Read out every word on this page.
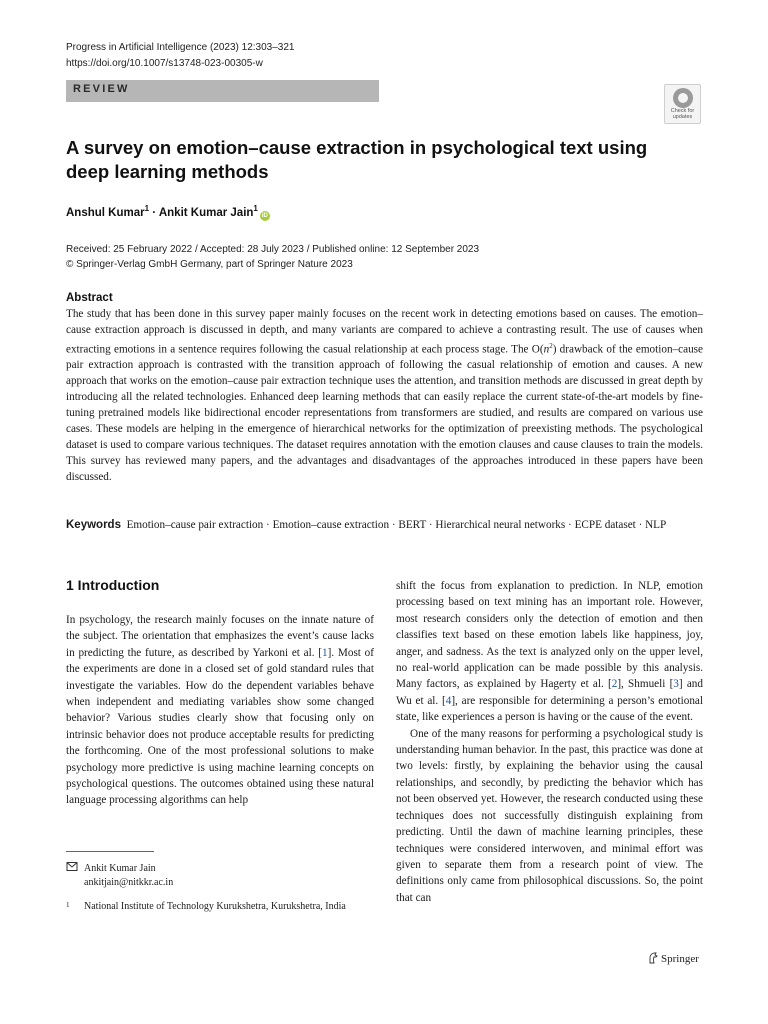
Progress in Artificial Intelligence (2023) 12:303–321
https://doi.org/10.1007/s13748-023-00305-w
REVIEW
Check for
updates
A survey on emotion–cause extraction in psychological text using
deep learning methods
Anshul Kumar$^1$ · Ankit Kumar Jain$^1$iD
Received: 25 February 2022 / Accepted: 28 July 2023 / Published online: 12 September 2023
© Springer-Verlag GmbH Germany, part of Springer Nature 2023
Abstract
The study that has been done in this survey paper mainly focuses on the recent work in detecting emotions based on causes. The emotion–cause extraction approach is discussed in depth, and many variants are compared to achieve a contrasting result. The use of causes when extracting emotions in a sentence requires following the casual relationship at each process stage. The $O(n^2)$ drawback of the emotion–cause pair extraction approach is contrasted with the transition approach of following the casual relationship of emotion and causes. A new approach that works on the emotion–cause pair extraction technique uses the attention, and transition methods are discussed in great depth by introducing all the related technologies. Enhanced deep learning methods that can easily replace the current state-of-the-art models by fine-tuning pretrained models like bidirectional encoder representations from transformers are studied, and results are compared on various use cases. These models are helping in the emergence of hierarchical networks for the optimization of preexisting methods. The psychological dataset is used to compare various techniques. The dataset requires annotation with the emotion clauses and cause clauses to train the models. This survey has reviewed many papers, and the advantages and disadvantages of the approaches introduced in these papers have been discussed.
Keywords Emotion–cause pair extraction · Emotion–cause extraction · BERT · Hierarchical neural networks · ECPE dataset · NLP
1 Introduction

In psychology, the research mainly focuses on the innate nature of the subject. The orientation that emphasizes the event’s cause lacks in predicting the future, as described by Yarkoni et al. [1]. Most of the experiments are done in a closed set of gold standard rules that investigate the variables. How do the dependent variables behave when independent and mediating variables show some changed behavior? Various studies clearly show that focusing only on intrinsic behavior does not produce acceptable results for predicting the forthcoming. One of the most professional solutions to make psychology more predictive is using machine learning concepts on psychological questions. The outcomes obtained using these natural language processing algorithms can help

shift the focus from explanation to prediction. In NLP, emotion processing based on text mining has an important role. However, most research considers only the detection of emotion and then classifies text based on these emotion labels like happiness, joy, anger, and sadness. As the text is analyzed only on the upper level, no real-world application can be made possible by this analysis. Many factors, as explained by Hagerty et al. [2], Shmueli [3] and Wu et al. [4], are responsible for determining a person’s emotional state, like experiences a person is having or the cause of the event.

One of the many reasons for performing a psychological study is understanding human behavior. In the past, this practice was done at two levels: firstly, by explaining the behavior using the causal relationships, and secondly, by predicting the behavior which has not been observed yet. However, the research conducted using these techniques does not successfully distinguish explaining from predicting. Until the dawn of machine learning principles, these techniques were considered interwoven, and minimal effort was given to separate them from a research point of view. The definitions only came from philosophical discussions. So, the point that can

Ankit Kumar Jain
ankitjain@nitkkr.ac.in
1 National Institute of Technology Kurukshetra, Kurukshetra, India
Springer
